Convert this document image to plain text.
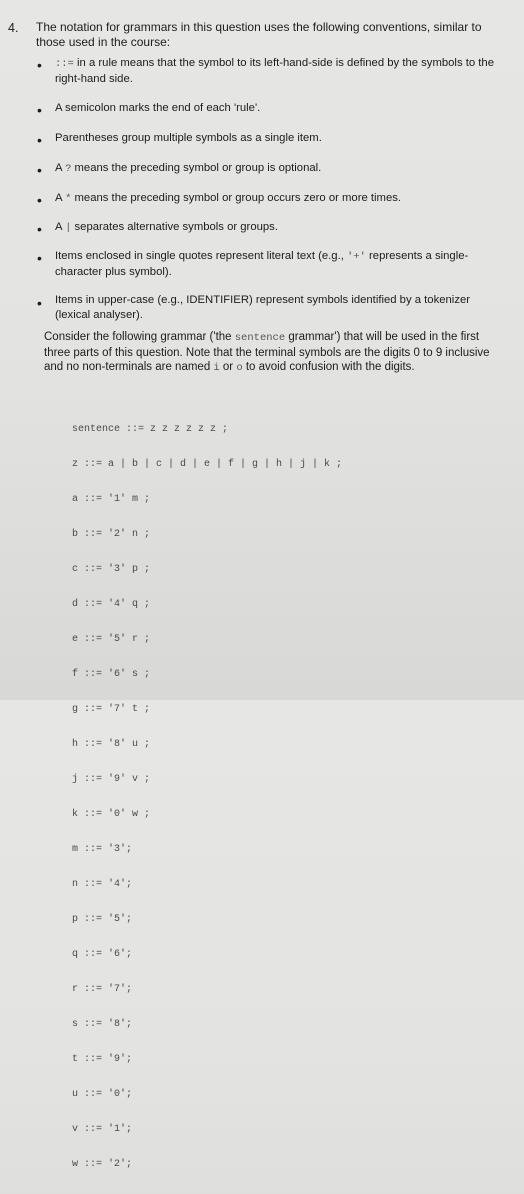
4. The notation for grammars in this question uses the following conventions, similar to those used in the course:
• ::= in a rule means that the symbol to its left-hand-side is defined by the symbols to the right-hand side.
• A semicolon marks the end of each 'rule'.
• Parentheses group multiple symbols as a single item.
• A ? means the preceding symbol or group is optional.
• A * means the preceding symbol or group occurs zero or more times.
• A | separates alternative symbols or groups.
• Items enclosed in single quotes represent literal text (e.g., '+' represents a single-character plus symbol).
• Items in upper-case (e.g., IDENTIFIER) represent symbols identified by a tokenizer (lexical analyser).
Consider the following grammar ('the sentence grammar') that will be used in the first three parts of this question. Note that the terminal symbols are the digits 0 to 9 inclusive and no non-terminals are named i or o to avoid confusion with the digits.

sentence ::= z z z z z z ;

z ::= a | b | c | d | e | f | g | h | j | k ;

a ::= '1' m ;

b ::= '2' n ;

c ::= '3' p ;

d ::= '4' q ;

e ::= '5' r ;

f ::= '6' s ;

g ::= '7' t ;

h ::= '8' u ;

j ::= '9' v ;

k ::= '0' w ;

m ::= '3';

n ::= '4';

p ::= '5';

q ::= '6';

r ::= '7';

s ::= '8';

t ::= '9';

u ::= '0';

v ::= '1';

w ::= '2';
